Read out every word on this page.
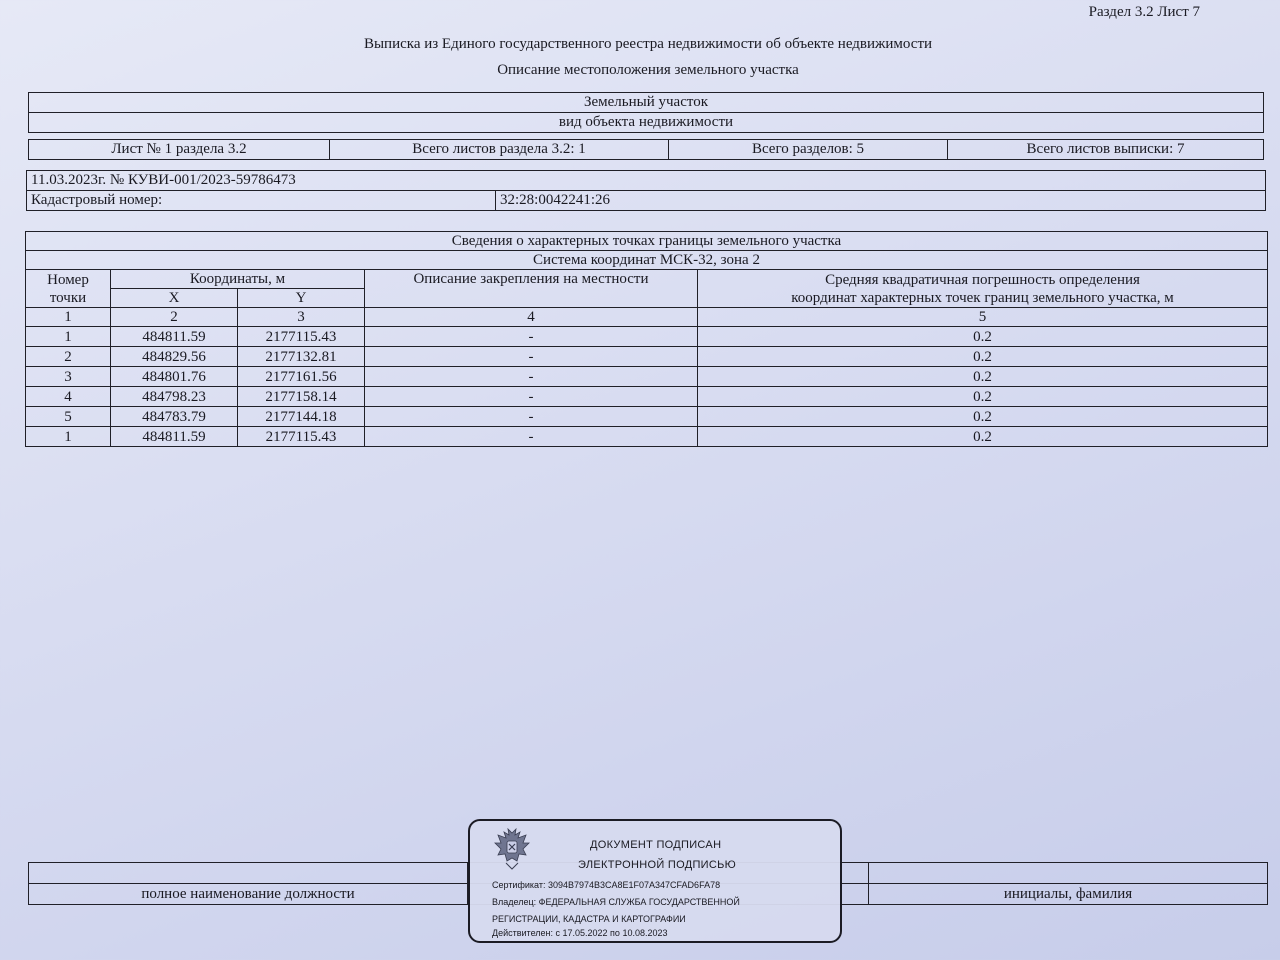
Раздел 3.2 Лист 7
Выписка из Единого государственного реестра недвижимости об объекте недвижимости
Описание местоположения земельного участка
Земельный участок
вид объекта недвижимости
Лист № 1 раздела 3.2	Всего листов раздела 3.2: 1	Всего разделов: 5	Всего листов выписки: 7
11.03.2023г. № КУВИ-001/2023-59786473
Кадастровый номер:	32:28:0042241:26
Сведения о характерных точках границы земельного участка				
Система координат МСК-32, зона 2				
Номер точки	Координаты, м		Описание закрепления на местности	Средняя квадратичная погрешность определения
координат характерных точек границ земельного участка, м

	X	Y		
1	2	3	4	5
1	484811.59	2177115.43	-	0.2
2	484829.56	2177132.81	-	0.2
3	484801.76	2177161.56	-	0.2
4	484798.23	2177158.14	-	0.2
5	484783.79	2177144.18	-	0.2
1	484811.59	2177115.43	-	0.2

полное наименование должности		инициалы, фамилия
ДОКУМЕНТ ПОДПИСАН
ЭЛЕКТРОННОЙ ПОДПИСЬЮ
Сертификат: 3094B7974B3CA8E1F07A347CFAD6FA78
Владелец: ФЕДЕРАЛЬНАЯ СЛУЖБА ГОСУДАРСТВЕННОЙ
РЕГИСТРАЦИИ, КАДАСТРА И КАРТОГРАФИИ
Действителен: с 17.05.2022 по 10.08.2023
